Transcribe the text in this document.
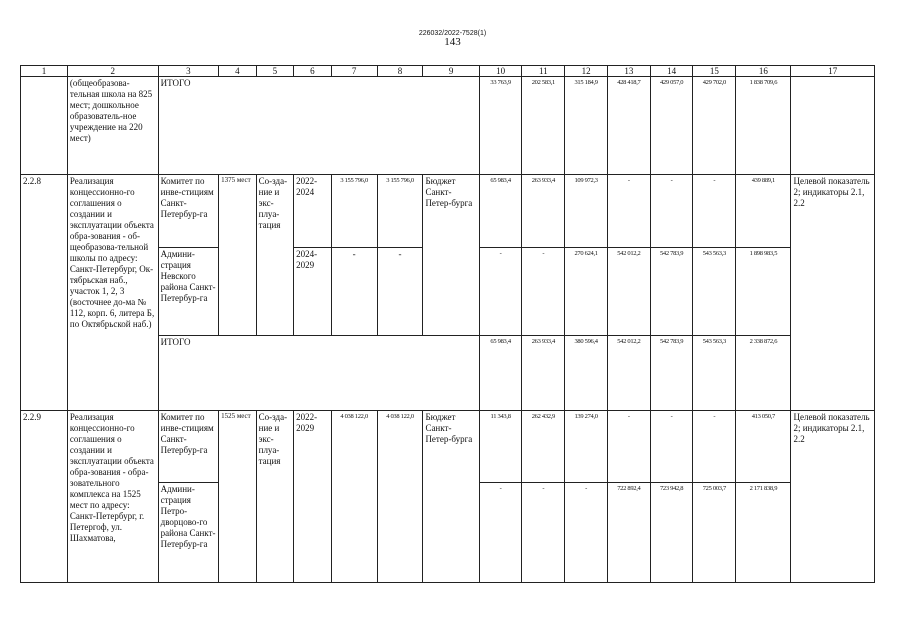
226032/2022-7528(1)
143
1	2	3	4	5	6	7	8	9	10	11	12	13	14	15	16	17
	(общеобразова-тельная школа на 825 мест; дошкольное образователь-ное учреждение на 220 мест)	ИТОГО							33 763,9	202 583,1	315 184,9	428 418,7	429 057,0	429 702,0	1 838 709,6	
2.2.8	Реализация концессионно-го соглашения о создании и эксплуатации объекта обра-зования - об-щеобразова-тельной школы по адресу: Санкт-Петербург, Ок-тябрьская наб., участок 1, 2, 3 (восточнее до-ма № 112, корп. 6, литера Б, по Октябрьской наб.)	Комитет по инве-стициям Санкт-Петербур-га	1375 мест	Со-зда-ние и экс-плуа-тация	2022-2024	3 155 796,0	3 155 796,0	Бюджет Санкт-Петер-бурга	65 983,4	263 933,4	109 972,3	-	-	-	439 889,1	Целевой показатель 2; индикаторы 2.1, 2.2
		Админи-страция Невского района Санкт-Петербур-га			2024-2029	-	-		-	-	270 624,1	542 012,2	542 783,9	543 563,3	1 898 983,5	
		ИТОГО							65 983,4	263 933,4	380 596,4	542 012,2	542 783,9	543 563,3	2 338 872,6	
2.2.9	Реализация концессионно-го соглашения о создании и эксплуатации объекта обра-зования - обра-зовательного комплекса на 1525 мест по адресу: Санкт-Петербург, г. Петергоф, ул. Шахматова,	Комитет по инве-стициям Санкт-Петербур-га	1525 мест	Со-зда-ние и экс-плуа-тация	2022-2029	4 038 122,0	4 038 122,0	Бюджет Санкт-Петер-бурга	11 343,8	262 432,9	139 274,0	-	-	-	413 050,7	Целевой показатель 2; индикаторы 2.1, 2.2
		Админи-страция Петро-дворцово-го района Санкт-Петербур-га							-	-	-	722 892,4	723 942,8	725 003,7	2 171 838,9	
